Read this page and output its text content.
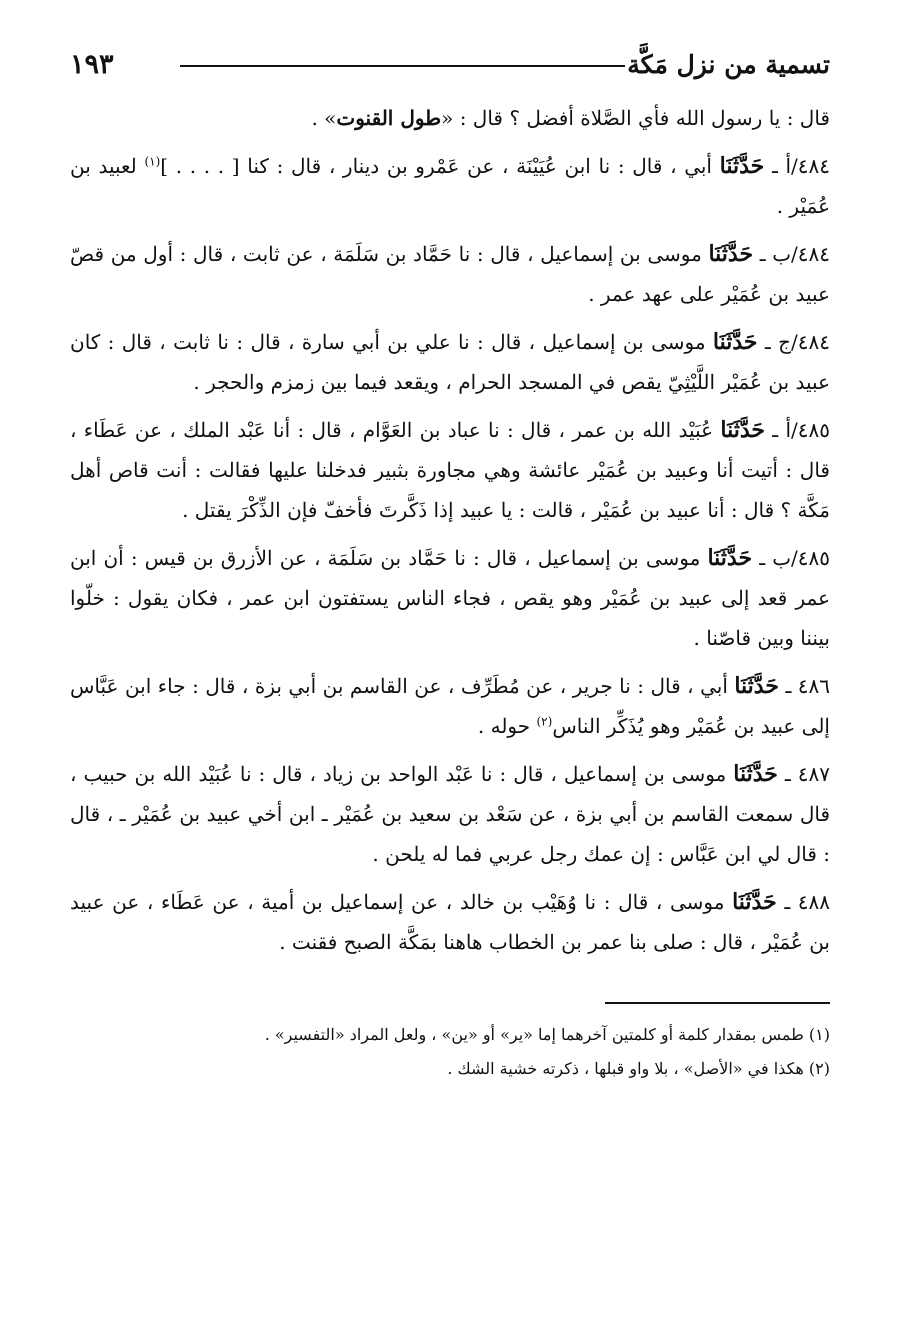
تسمية من نزل مَكَّة
١٩٣

قال : يا رسول الله فأي الصَّلاة أفضل ؟ قال : «طول القنوت» .

٤٨٤/أ ـ حَدَّثَنَا أبي ، قال : نا ابن عُيَيْنَة ، عن عَمْرو بن دينار ، قال : كنا [ . . . . ]$^{(١)}$ لعبيد بن عُمَيْر .

٤٨٤/ب ـ حَدَّثَنَا موسى بن إسماعيل ، قال : نا حَمَّاد بن سَلَمَة ، عن ثابت ، قال : أول من قصّ عبيد بن عُمَيْر على عهد عمر .

٤٨٤/ج ـ حَدَّثَنَا موسى بن إسماعيل ، قال : نا علي بن أبي سارة ، قال : نا ثابت ، قال : كان عبيد بن عُمَيْر اللَّيْثِيّ يقص في المسجد الحرام ، ويقعد فيما بين زمزم والحجر .

٤٨٥/أ ـ حَدَّثَنَا عُبَيْد الله بن عمر ، قال : نا عباد بن العَوَّام ، قال : أنا عَبْد الملك ، عن عَطَاء ، قال : أتيت أنا وعبيد بن عُمَيْر عائشة وهي مجاورة بثبير فدخلنا عليها فقالت : أنت قاص أهل مَكَّة ؟ قال : أنا عبيد بن عُمَيْر ، قالت : يا عبيد إذا ذَكَّرتَ فأخفّ فإن الذِّكْرَ يقتل .

٤٨٥/ب ـ حَدَّثَنَا موسى بن إسماعيل ، قال : نا حَمَّاد بن سَلَمَة ، عن الأزرق بن قيس : أن ابن عمر قعد إلى عبيد بن عُمَيْر وهو يقص ، فجاء الناس يستفتون ابن عمر ، فكان يقول : خلّوا بيننا وبين قاصّنا .

٤٨٦ ـ حَدَّثَنَا أبي ، قال : نا جرير ، عن مُطَرِّف ، عن القاسم بن أبي بزة ، قال : جاء ابن عَبَّاس إلى عبيد بن عُمَيْر وهو يُذَكِّر الناس$^{(٢)}$ حوله .

٤٨٧ ـ حَدَّثَنَا موسى بن إسماعيل ، قال : نا عَبْد الواحد بن زياد ، قال : نا عُبَيْد الله بن حبيب ، قال سمعت القاسم بن أبي بزة ، عن سَعْد بن سعيد بن عُمَيْر ـ ابن أخي عبيد بن عُمَيْر ـ ، قال : قال لي ابن عَبَّاس : إن عمك رجل عربي فما له يلحن .

٤٨٨ ـ حَدَّثَنَا موسى ، قال : نا وُهَيْب بن خالد ، عن إسماعيل بن أمية ، عن عَطَاء ، عن عبيد بن عُمَيْر ، قال : صلى بنا عمر بن الخطاب هاهنا بمَكَّة الصبح فقنت .

(١) طمس بمقدار كلمة أو كلمتين آخرهما إما «ير» أو «ين» ، ولعل المراد «التفسير» .

(٢) هكذا في «الأصل» ، بلا واو قبلها ، ذكرته خشية الشك .
